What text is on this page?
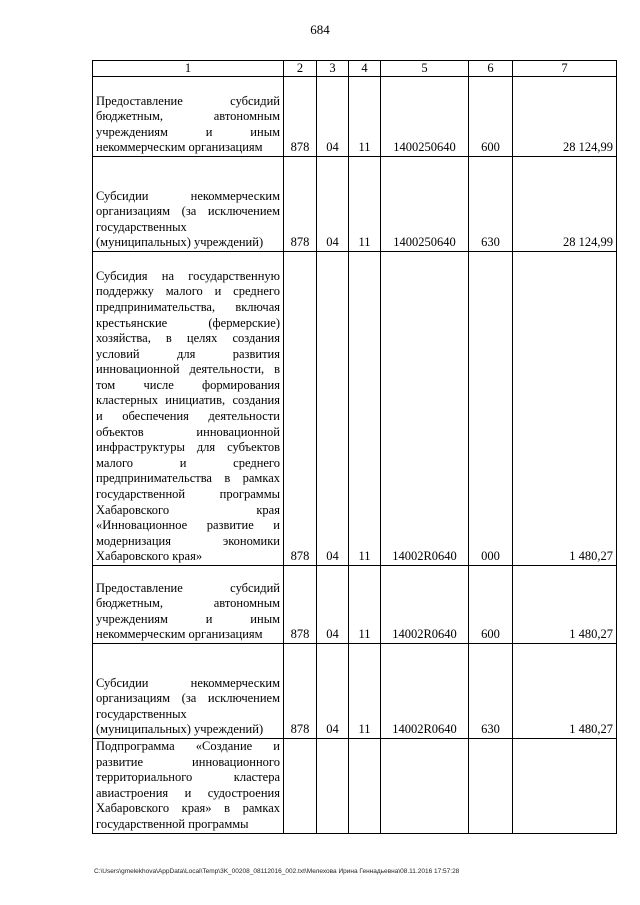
684
1	2	3	4	5	6	7
Предоставление субсидий бюджетным, автономным учреждениям и иным некоммерческим организациям	878	04	11	1400250640	600	28 124,99
Субсидии некоммерческим организациям (за исключением государственных (муниципальных) учреждений)	878	04	11	1400250640	630	28 124,99
Субсидия на государственную поддержку малого и среднего предпринимательства, включая крестьянские (фермерские) хозяйства, в целях создания условий для развития инновационной деятельности, в том числе формирования кластерных инициатив, создания и обеспечения деятельности объектов инновационной инфраструктуры для субъектов малого и среднего предпринимательства в рамках государственной программы Хабаровского края «Инновационное развитие и модернизация экономики Хабаровского края»	878	04	11	14002R0640	000	1 480,27
Предоставление субсидий бюджетным, автономным учреждениям и иным некоммерческим организациям	878	04	11	14002R0640	600	1 480,27
Субсидии некоммерческим организациям (за исключением государственных (муниципальных) учреждений)	878	04	11	14002R0640	630	1 480,27
Подпрограмма «Создание и развитие инновационного территориального кластера авиастроения и судостроения Хабаровского края» в рамках государственной программы						
C:\Users\gmelekhova\AppData\Local\Temp\3K_00208_08112016_002.txt\Мелехова Ирина Геннадьевна\08.11.2016 17:57:28
